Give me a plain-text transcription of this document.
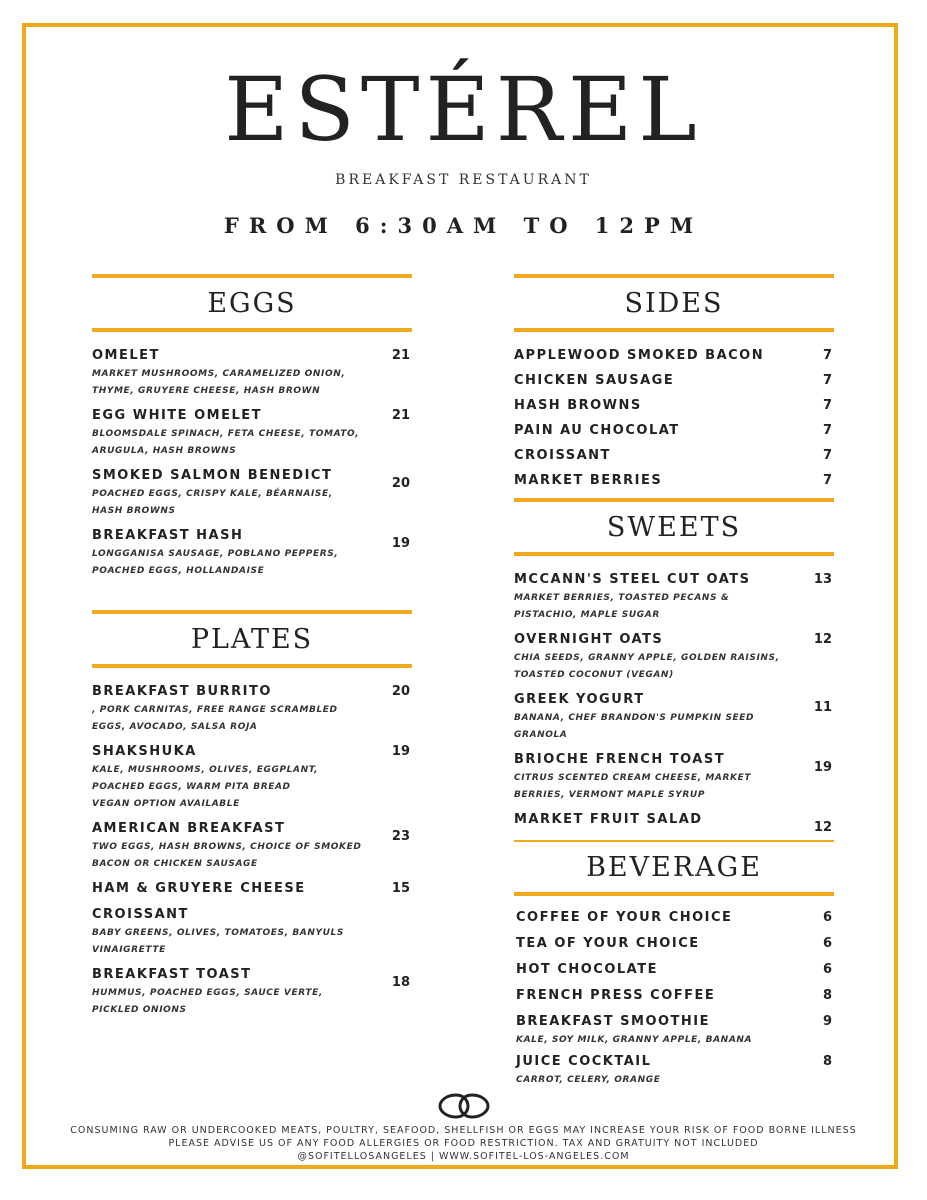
ESTÉREL
BREAKFAST RESTAURANT
FROM 6:30AM TO 12PM
EGGS
OMELET	21
MARKET MUSHROOMS, CARAMELIZED ONION, THYME, GRUYERE CHEESE, HASH BROWN
EGG WHITE OMELET	21
BLOOMSDALE SPINACH, FETA CHEESE, TOMATO, ARUGULA, HASH BROWNS
SMOKED SALMON BENEDICT
20
POACHED EGGS, CRISPY KALE, BÉARNAISE, HASH BROWNS
BREAKFAST HASH
19
LONGGANISA SAUSAGE, POBLANO PEPPERS, POACHED EGGS, HOLLANDAISE
PLATES
BREAKFAST BURRITO	20
, PORK CARNITAS, FREE RANGE SCRAMBLED EGGS, AVOCADO, SALSA ROJA
SHAKSHUKA	19
KALE, MUSHROOMS, OLIVES, EGGPLANT, POACHED EGGS, WARM PITA BREAD
VEGAN OPTION AVAILABLE
AMERICAN BREAKFAST
23
TWO EGGS, HASH BROWNS, CHOICE OF SMOKED BACON OR CHICKEN SAUSAGE
HAM & GRUYERE CHEESE	15
CROISSANT
BABY GREENS, OLIVES, TOMATOES, BANYULS VINAIGRETTE
BREAKFAST TOAST
18
HUMMUS, POACHED EGGS, SAUCE VERTE, PICKLED ONIONS
SIDES
APPLEWOOD SMOKED BACON	7
CHICKEN SAUSAGE	7
HASH BROWNS	7
PAIN AU CHOCOLAT	7
CROISSANT	7
MARKET BERRIES	7
SWEETS
MCCANN'S STEEL CUT OATS	13
MARKET BERRIES, TOASTED PECANS & PISTACHIO, MAPLE SUGAR
OVERNIGHT OATS	12
CHIA SEEDS, GRANNY APPLE, GOLDEN RAISINS, TOASTED COCONUT (VEGAN)
GREEK YOGURT
11
BANANA, CHEF BRANDON'S PUMPKIN SEED GRANOLA
BRIOCHE FRENCH TOAST
19
CITRUS SCENTED CREAM CHEESE, MARKET BERRIES, VERMONT MAPLE SYRUP
MARKET FRUIT SALAD
12
BEVERAGE
COFFEE OF YOUR CHOICE	6
TEA OF YOUR CHOICE	6
HOT CHOCOLATE	6
FRENCH PRESS COFFEE	8
BREAKFAST SMOOTHIE	9
KALE, SOY MILK, GRANNY APPLE, BANANA
JUICE COCKTAIL	8
CARROT, CELERY, ORANGE
CONSUMING RAW OR UNDERCOOKED MEATS, POULTRY, SEAFOOD, SHELLFISH OR EGGS MAY INCREASE YOUR RISK OF FOOD BORNE ILLNESS
PLEASE ADVISE US OF ANY FOOD ALLERGIES OR FOOD RESTRICTION. TAX AND GRATUITY NOT INCLUDED
@SOFITELLOSANGELES | WWW.SOFITEL-LOS-ANGELES.COM
